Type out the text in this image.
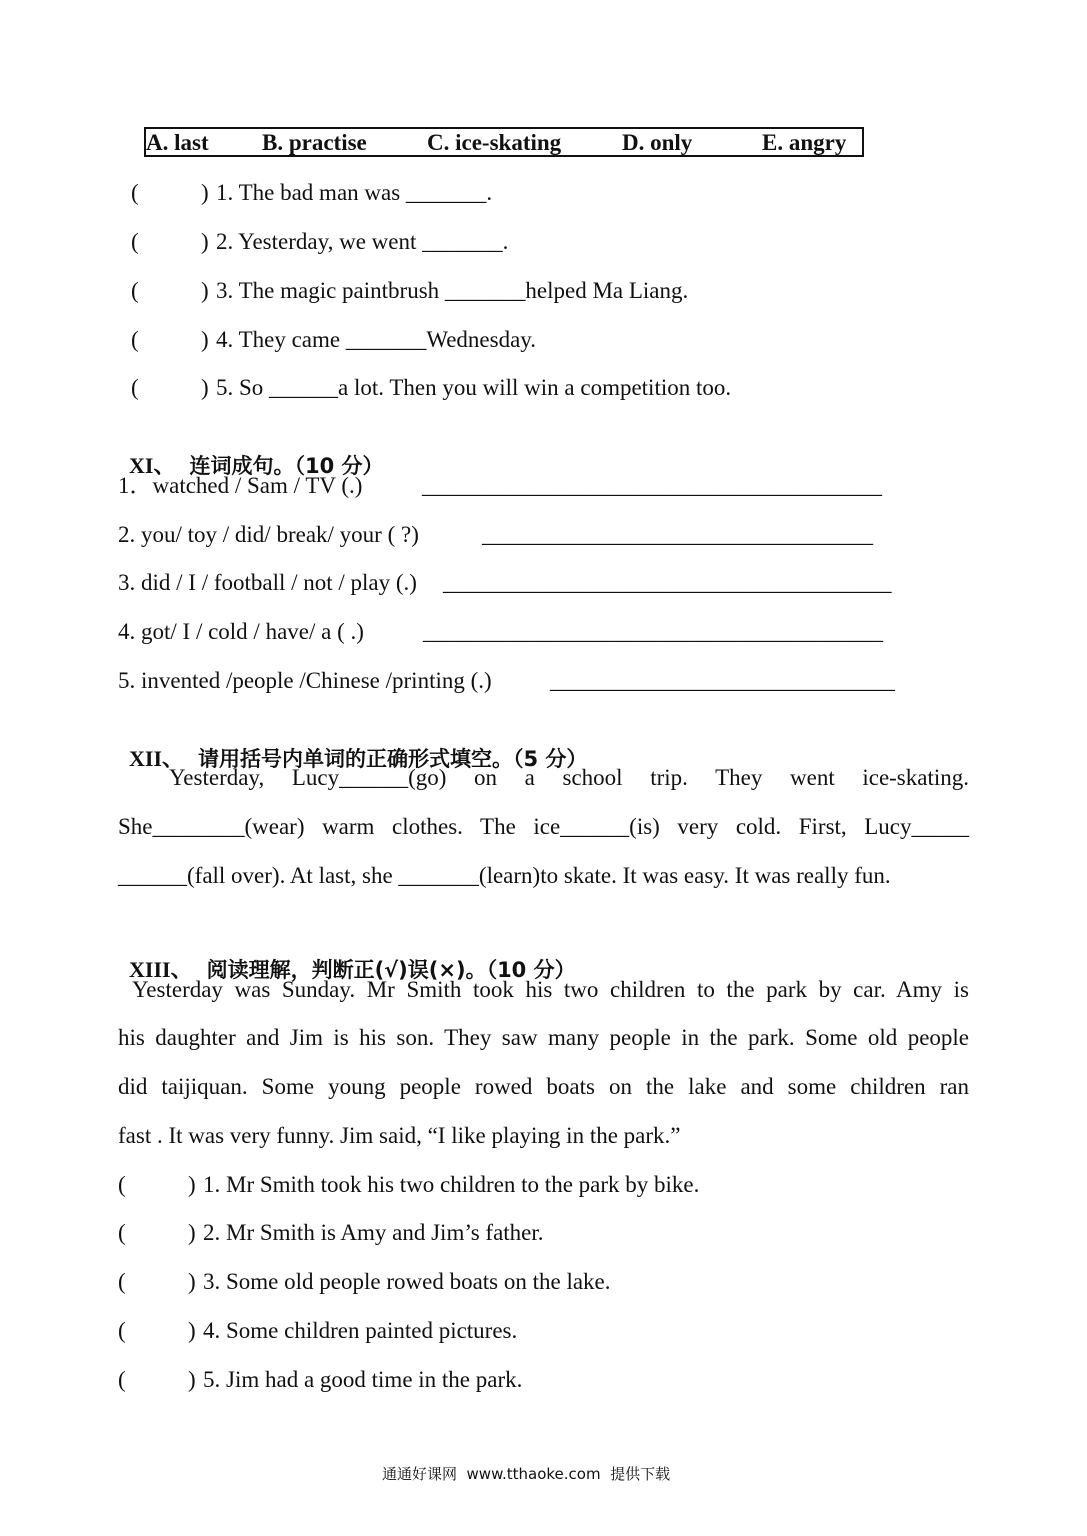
A. last B. practise	C. ice-skating	D. only	E. angry
(	) 1. The bad man was _______.
(	) 2. Yesterday, we went _______.
(	) 3. The magic paintbrush _______helped Ma Liang.
(	) 4. They came _______Wednesday.
(	) 5. So ______a lot. Then you will win a competition too.

XI、 连词成句。（10 分）

1．watched / Sam / TV (.)	________________________________________
2. you/ toy / did/ break/ your ( ?)	__________________________________
3. did / I / football / not / play (.) _______________________________________
4. got/ I / cold / have/ a ( .)	________________________________________
5. invented /people /Chinese /printing (.)	______________________________

XII、 请用括号内单词的正确形式填空。（5 分）

Yesterday, Lucy______(go) on a school trip. They went ice-skating.
She________(wear) warm clothes. The ice______(is) very cold. First, Lucy_____
______(fall over). At last, she _______(learn)to skate. It was easy. It was really fun.

XIII、 阅读理解，判断正(√)误(×)。（10 分）

Yesterday was Sunday. Mr Smith took his two children to the park by car. Amy is
his daughter and Jim is his son. They saw many people in the park. Some old people
did taijiquan. Some young people rowed boats on the lake and some children ran
fast . It was very funny. Jim said, “I like playing in the park.”
(	) 1. Mr Smith took his two children to the park by bike.
(	) 2. Mr Smith is Amy and Jim’s father.
(	) 3. Some old people rowed boats on the lake.
(	) 4. Some children painted pictures.
(	) 5. Jim had a good time in the park.
通通好课网  www.tthaoke.com  提供下载
